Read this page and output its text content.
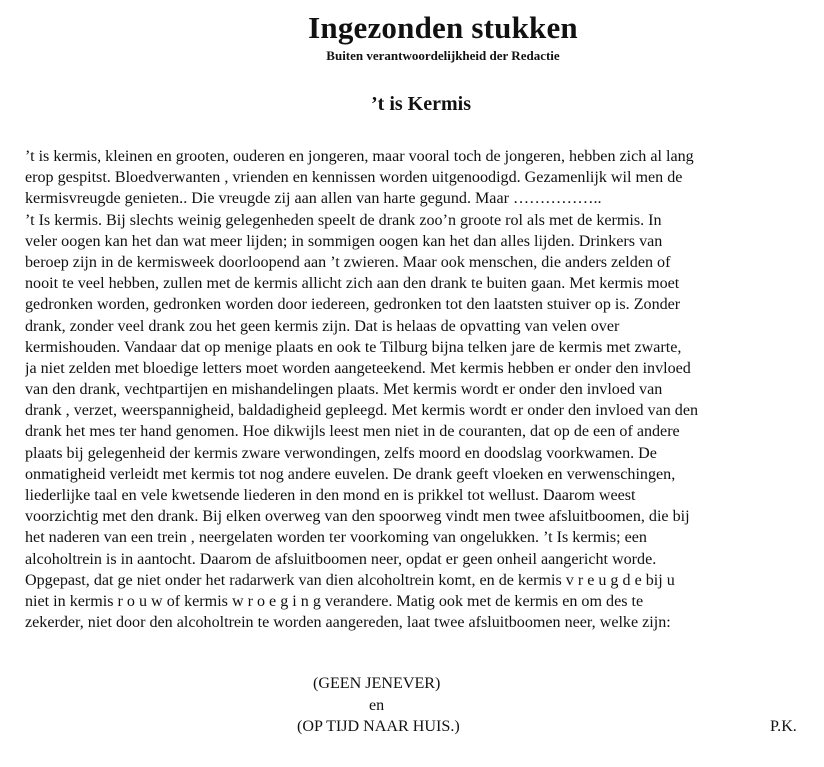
Ingezonden stukken
Buiten verantwoordelijkheid der Redactie
’t is Kermis
’t is kermis, kleinen en grooten, ouderen en jongeren, maar vooral toch de jongeren, hebben zich al lang
erop gespitst. Bloedverwanten , vrienden en kennissen worden uitgenoodigd. Gezamenlijk wil men de
kermisvreugde genieten.. Die vreugde zij aan allen van harte gegund. Maar ……………..
’t Is kermis. Bij slechts weinig gelegenheden speelt de drank zoo’n groote rol als met de kermis. In
veler oogen kan het dan wat meer lijden; in sommigen oogen kan het dan alles lijden. Drinkers van
beroep zijn in de kermisweek doorloopend aan ’t zwieren. Maar ook menschen, die anders zelden of
nooit te veel hebben, zullen met de kermis allicht zich aan den drank te buiten gaan. Met kermis moet
gedronken worden, gedronken worden door iedereen, gedronken tot den laatsten stuiver op is. Zonder
drank, zonder veel drank zou het geen kermis zijn. Dat is helaas de opvatting van velen over
kermishouden. Vandaar dat op menige plaats en ook te Tilburg bijna telken jare de kermis met zwarte,
ja niet zelden met bloedige letters moet worden aangeteekend. Met kermis hebben er onder den invloed
van den drank, vechtpartijen en mishandelingen plaats. Met kermis wordt er onder den invloed van
drank , verzet, weerspannigheid, baldadigheid gepleegd. Met kermis wordt er onder den invloed van den
drank het mes ter hand genomen. Hoe dikwijls leest men niet in de couranten, dat op de een of andere
plaats bij gelegenheid der kermis zware verwondingen, zelfs moord en doodslag voorkwamen. De
onmatigheid verleidt met kermis tot nog andere euvelen. De drank geeft vloeken en verwenschingen,
liederlijke taal en vele kwetsende liederen in den mond en is prikkel tot wellust. Daarom weest
voorzichtig met den drank. Bij elken overweg van den spoorweg vindt men twee afsluitboomen, die bij
het naderen van een trein , neergelaten worden ter voorkoming van ongelukken. ’t Is kermis; een
alcoholtrein is in aantocht. Daarom de afsluitboomen neer, opdat er geen onheil aangericht worde.
Opgepast, dat ge niet onder het radarwerk van dien alcoholtrein komt, en de kermis v r e u g d e bij u
niet in kermis r o u w of kermis w r o e g i n g verandere. Matig ook met de kermis en om des te
zekerder, niet door den alcoholtrein te worden aangereden, laat twee afsluitboomen neer, welke zijn:
(GEEN JENEVER)
en
(OP TIJD NAAR HUIS.)	P.K.
